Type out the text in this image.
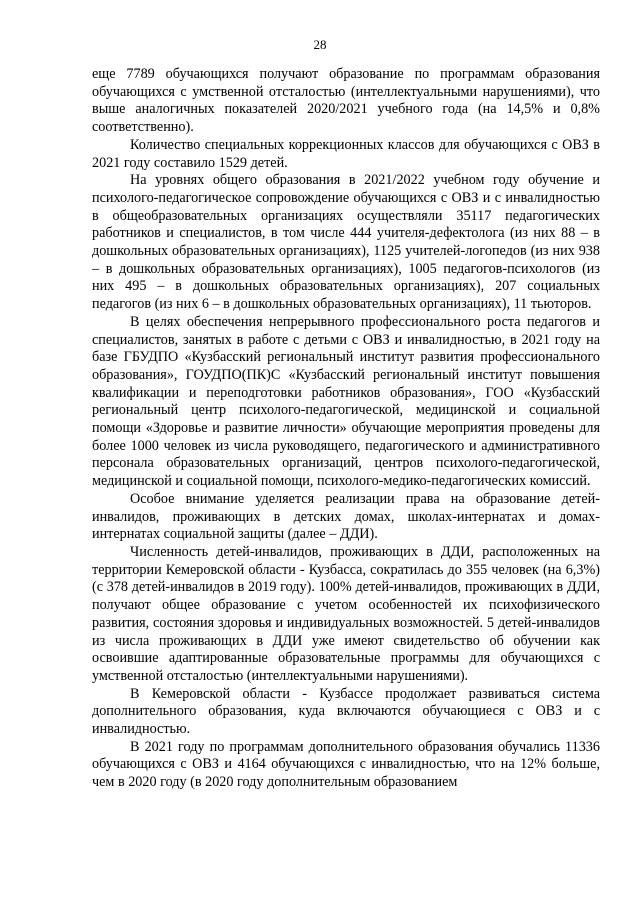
28

еще 7789 обучающихся получают образование по программам образования обучающихся с умственной отсталостью (интеллектуальными нарушениями), что выше аналогичных показателей 2020/2021 учебного года (на 14,5% и 0,8% соответственно).

Количество специальных коррекционных классов для обучающихся с ОВЗ в 2021 году составило 1529 детей.

На уровнях общего образования в 2021/2022 учебном году обучение и психолого-педагогическое сопровождение обучающихся с ОВЗ и с инвалидностью в общеобразовательных организациях осуществляли 35117 педагогических работников и специалистов, в том числе 444 учителя-дефектолога (из них 88 – в дошкольных образовательных организациях), 1125 учителей-логопедов (из них 938 – в дошкольных образовательных организациях), 1005 педагогов-психологов (из них 495 – в дошкольных образовательных организациях), 207 социальных педагогов (из них 6 – в дошкольных образовательных организациях), 11 тьюторов.

В целях обеспечения непрерывного профессионального роста педагогов и специалистов, занятых в работе с детьми с ОВЗ и инвалидностью, в 2021 году на базе ГБУДПО «Кузбасский региональный институт развития профессионального образования», ГОУДПО(ПК)С «Кузбасский региональный институт повышения квалификации и переподготовки работников образования», ГОО «Кузбасский региональный центр психолого-педагогической, медицинской и социальной помощи «Здоровье и развитие личности» обучающие мероприятия проведены для более 1000 человек из числа руководящего, педагогического и административного персонала образовательных организаций, центров психолого-педагогической, медицинской и социальной помощи, психолого-медико-педагогических комиссий.

Особое внимание уделяется реализации права на образование детей-инвалидов, проживающих в детских домах, школах-интернатах и домах-интернатах социальной защиты (далее – ДДИ).

Численность детей-инвалидов, проживающих в ДДИ, расположенных на территории Кемеровской области - Кузбасса, сократилась до 355 человек (на 6,3%) (с 378 детей-инвалидов в 2019 году). 100% детей-инвалидов, проживающих в ДДИ, получают общее образование с учетом особенностей их психофизического развития, состояния здоровья и индивидуальных возможностей. 5 детей-инвалидов из числа проживающих в ДДИ уже имеют свидетельство об обучении как освоившие адаптированные образовательные программы для обучающихся с умственной отсталостью (интеллектуальными нарушениями).

В Кемеровской области - Кузбассе продолжает развиваться система дополнительного образования, куда включаются обучающиеся с ОВЗ и с инвалидностью.

В 2021 году по программам дополнительного образования обучались 11336 обучающихся с ОВЗ и 4164 обучающихся с инвалидностью, что на 12% больше, чем в 2020 году (в 2020 году дополнительным образованием
